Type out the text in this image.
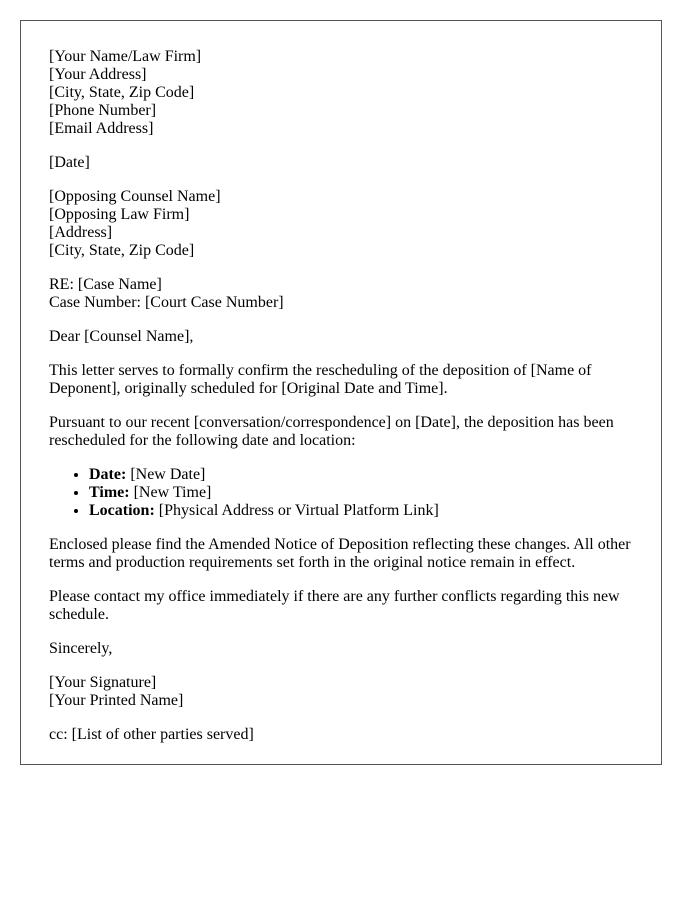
[Your Name/Law Firm]
[Your Address]
[City, State, Zip Code]
[Phone Number]
[Email Address]

[Date]

[Opposing Counsel Name]
[Opposing Law Firm]
[Address]
[City, State, Zip Code]

RE: [Case Name]
Case Number: [Court Case Number]

Dear [Counsel Name],

This letter serves to formally confirm the rescheduling of the deposition of [Name of Deponent], originally scheduled for [Original Date and Time].

Pursuant to our recent [conversation/correspondence] on [Date], the deposition has been rescheduled for the following date and location:

• Date: [New Date]
• Time: [New Time]
• Location: [Physical Address or Virtual Platform Link]

Enclosed please find the Amended Notice of Deposition reflecting these changes. All other terms and production requirements set forth in the original notice remain in effect.

Please contact my office immediately if there are any further conflicts regarding this new schedule.

Sincerely,

[Your Signature]
[Your Printed Name]

cc: [List of other parties served]
